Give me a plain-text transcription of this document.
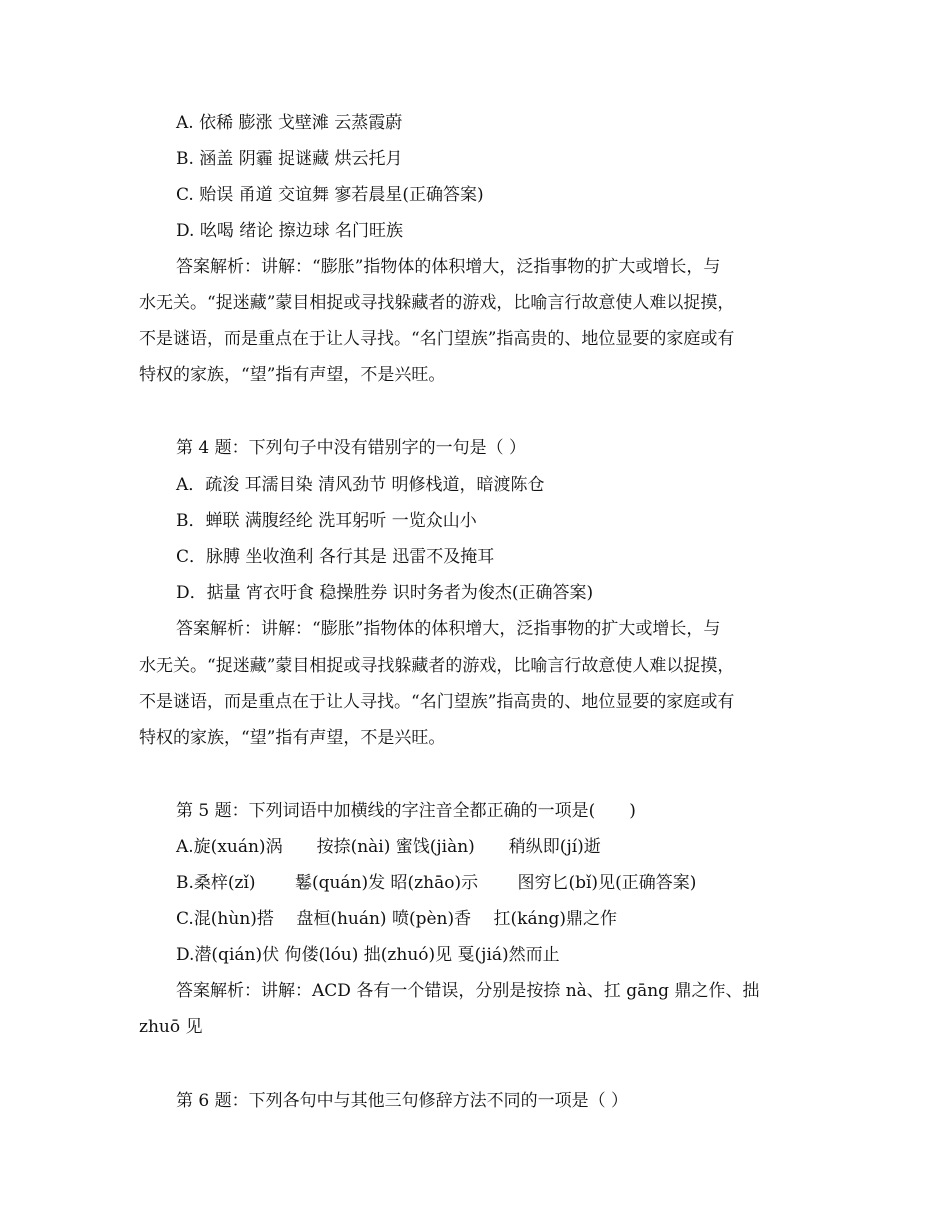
A. 依稀 膨涨 戈壁滩 云蒸霞蔚
B. 涵盖 阴霾 捉谜藏 烘云托月
C. 贻误 甬道 交谊舞 寥若晨星(正确答案)
D. 吆喝 绪论 擦边球 名门旺族
答案解析：讲解：“膨胀”指物体的体积增大，泛指事物的扩大或增长，与
水无关。“捉迷藏”蒙目相捉或寻找躲藏者的游戏，比喻言行故意使人难以捉摸，
不是谜语，而是重点在于让人寻找。“名门望族”指高贵的、地位显要的家庭或有
特权的家族，“望”指有声望，不是兴旺。
第 4 题：下列句子中没有错别字的一句是（ ）
A．疏浚 耳濡目染 清风劲节 明修栈道，暗渡陈仓
B．蝉联 满腹经纶 洗耳躬听 一览众山小
C．脉膊 坐收渔利 各行其是 迅雷不及掩耳
D．掂量 宵衣吁食 稳操胜券 识时务者为俊杰(正确答案)
答案解析：讲解：“膨胀”指物体的体积增大，泛指事物的扩大或增长，与
水无关。“捉迷藏”蒙目相捉或寻找躲藏者的游戏，比喻言行故意使人难以捉摸，
不是谜语，而是重点在于让人寻找。“名门望族”指高贵的、地位显要的家庭或有
特权的家族，“望”指有声望，不是兴旺。
第 5 题：下列词语中加横线的字注音全都正确的一项是(　　)
A.旋(xuán)涡　　按捺(nài) 蜜饯(jiàn)　　稍纵即(jí)逝
B.桑梓(zǐ)　　 鬈(quán)发 昭(zhāo)示　　 图穷匕(bǐ)见(正确答案)
C.混(hùn)搭　 盘桓(huán) 喷(pèn)香　 扛(káng)鼎之作
D.潜(qián)伏 佝偻(lóu) 拙(zhuó)见 戛(jiá)然而止
答案解析：讲解：ACD 各有一个错误，分别是按捺 nà、扛 gāng 鼎之作、拙
zhuō 见
第 6 题：下列各句中与其他三句修辞方法不同的一项是（ ）
